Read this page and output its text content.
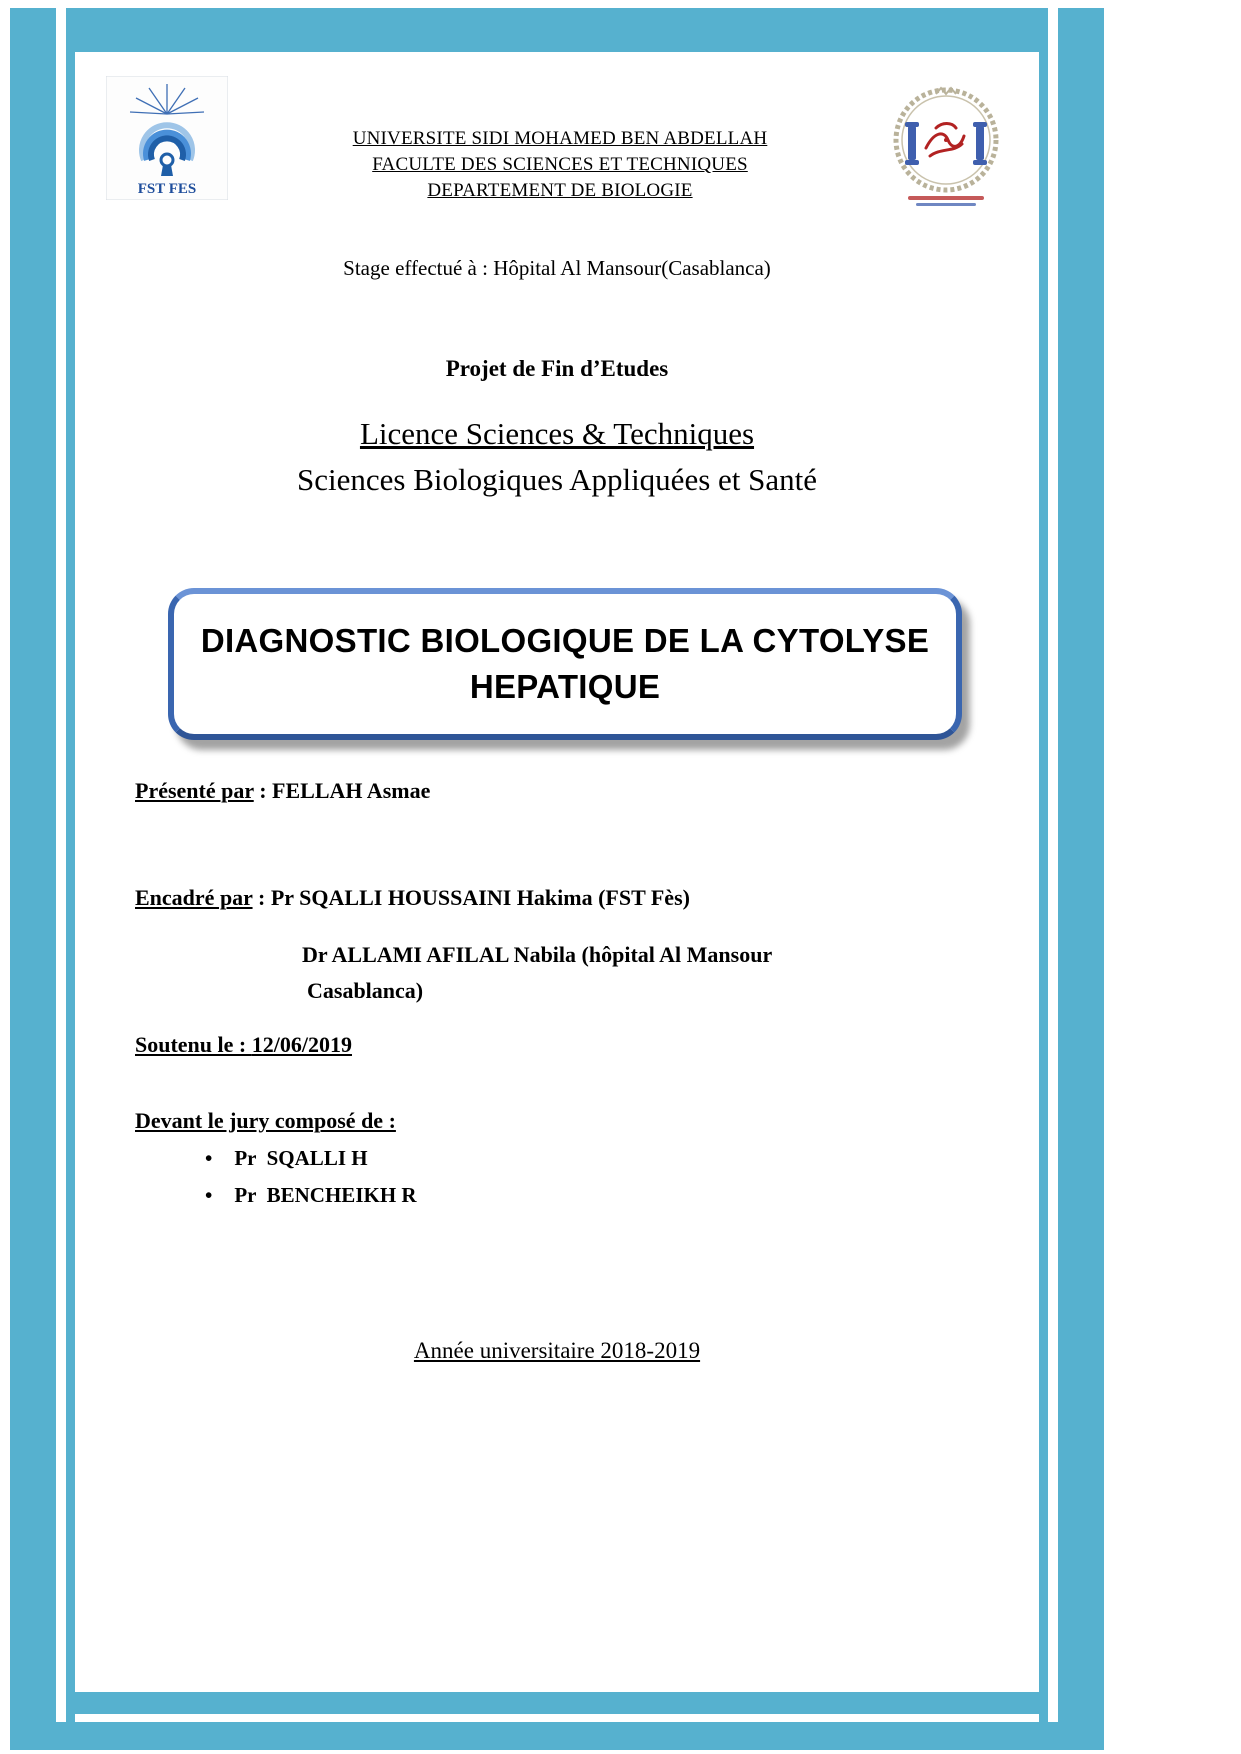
FST FES
UNIVERSITE SIDI MOHAMED BEN ABDELLAH
FACULTE DES SCIENCES ET TECHNIQUES
DEPARTEMENT DE BIOLOGIE
Stage effectué à : Hôpital Al Mansour(Casablanca)
Projet de Fin d’Etudes
Licence Sciences & Techniques
Sciences Biologiques Appliquées et Santé
DIAGNOSTIC BIOLOGIQUE DE LA CYTOLYSE
HEPATIQUE
Présenté par : FELLAH Asmae
Encadré par : Pr SQALLI HOUSSAINI Hakima (FST Fès)
Dr ALLAMI AFILAL Nabila (hôpital Al Mansour
Casablanca)
Soutenu le : 12/06/2019
Devant le jury composé de :
• Pr  SQALLI H
• Pr  BENCHEIKH R
Année universitaire 2018-2019
